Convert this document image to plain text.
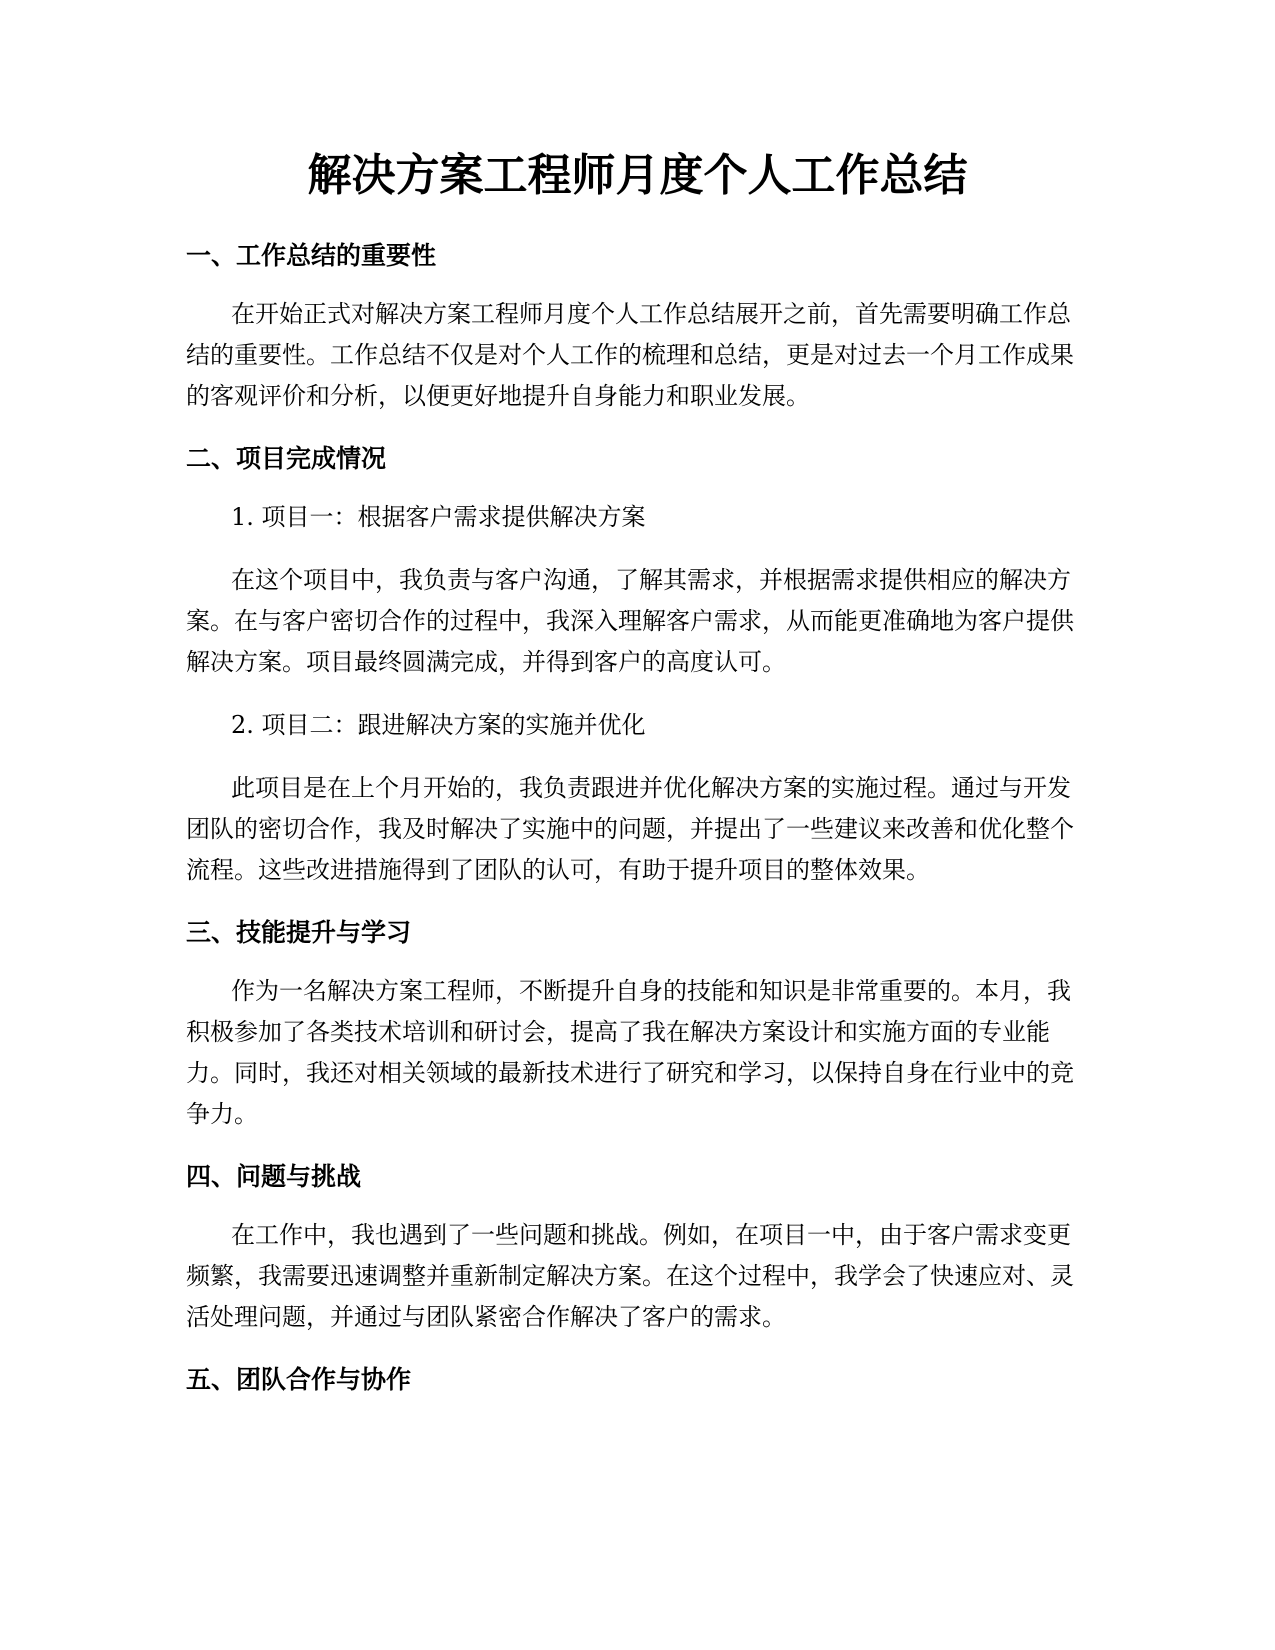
解决方案工程师月度个人工作总结
一、工作总结的重要性

在开始正式对解决方案工程师月度个人工作总结展开之前，首先需要明确工作总结的重要性。工作总结不仅是对个人工作的梳理和总结，更是对过去一个月工作成果的客观评价和分析，以便更好地提升自身能力和职业发展。

二、项目完成情况

1. 项目一：根据客户需求提供解决方案

在这个项目中，我负责与客户沟通，了解其需求，并根据需求提供相应的解决方案。在与客户密切合作的过程中，我深入理解客户需求，从而能更准确地为客户提供解决方案。项目最终圆满完成，并得到客户的高度认可。

2. 项目二：跟进解决方案的实施并优化

此项目是在上个月开始的，我负责跟进并优化解决方案的实施过程。通过与开发团队的密切合作，我及时解决了实施中的问题，并提出了一些建议来改善和优化整个流程。这些改进措施得到了团队的认可，有助于提升项目的整体效果。

三、技能提升与学习

作为一名解决方案工程师，不断提升自身的技能和知识是非常重要的。本月，我积极参加了各类技术培训和研讨会，提高了我在解决方案设计和实施方面的专业能力。同时，我还对相关领域的最新技术进行了研究和学习，以保持自身在行业中的竞争力。

四、问题与挑战

在工作中，我也遇到了一些问题和挑战。例如，在项目一中，由于客户需求变更频繁，我需要迅速调整并重新制定解决方案。在这个过程中，我学会了快速应对、灵活处理问题，并通过与团队紧密合作解决了客户的需求。

五、团队合作与协作
